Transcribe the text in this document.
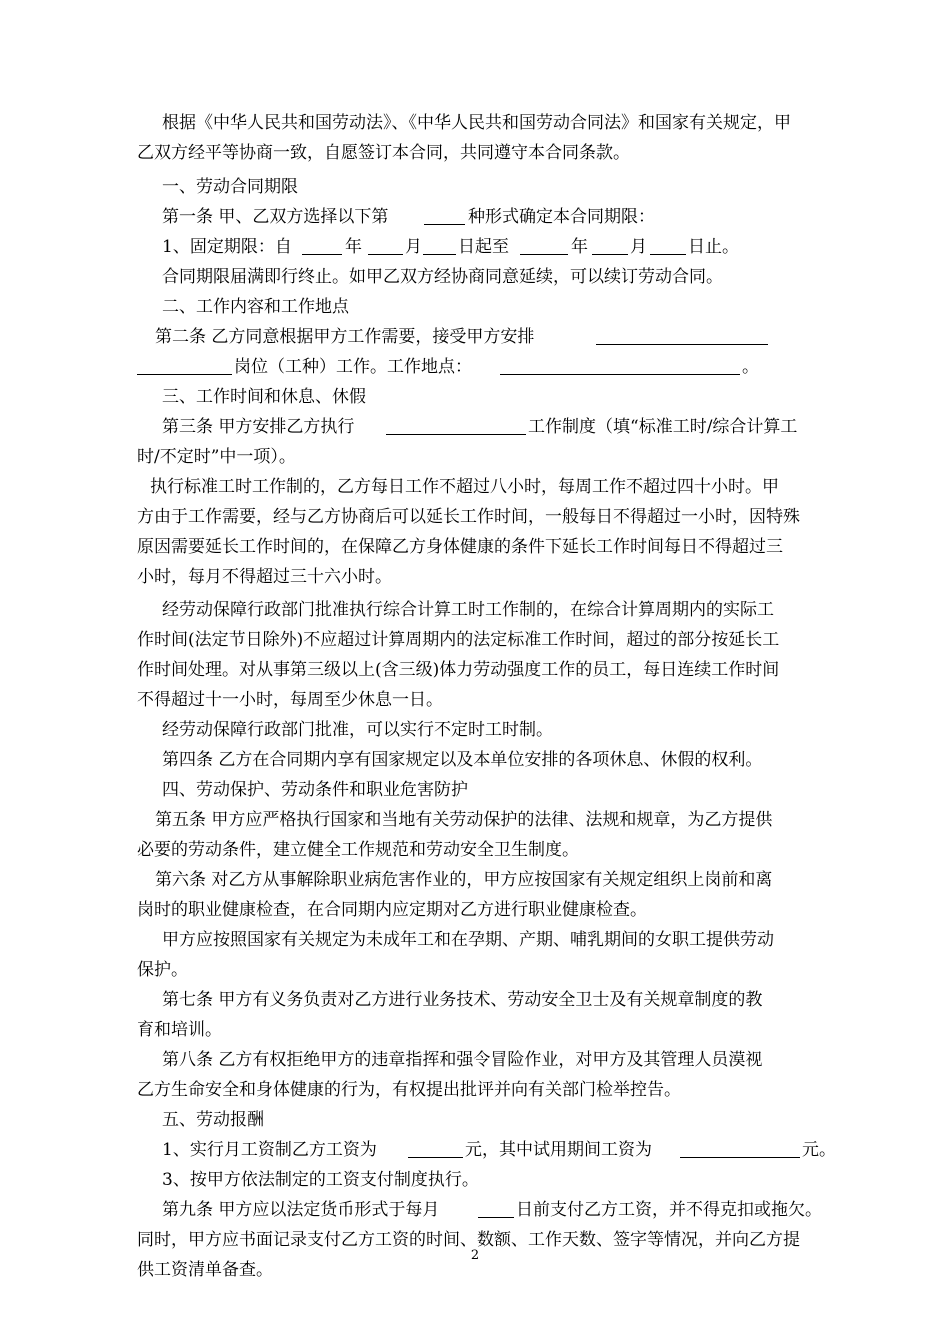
根据《中华人民共和国劳动法》、《中华人民共和国劳动合同法》和国家有关规定，甲
乙双方经平等协商一致，自愿签订本合同，共同遵守本合同条款。
一、劳动合同期限
第一条 甲、乙双方选择以下第	种形式确定本合同期限：
1、固定期限：自	年	月 日起至	年 月 日止。
合同期限届满即行终止。如甲乙双方经协商同意延续，可以续订劳动合同。
二、工作内容和工作地点
第二条 乙方同意根据甲方工作需要，接受甲方安排
岗位（工种）工作。工作地点：	。
三、工作时间和休息、休假
第三条 甲方安排乙方执行	工作制度（填“标准工时/综合计算工
时/不定时”中一项）。
执行标准工时工作制的，乙方每日工作不超过八小时，每周工作不超过四十小时。甲
方由于工作需要，经与乙方协商后可以延长工作时间，一般每日不得超过一小时，因特殊
原因需要延长工作时间的，在保障乙方身体健康的条件下延长工作时间每日不得超过三
小时，每月不得超过三十六小时。
经劳动保障行政部门批准执行综合计算工时工作制的，在综合计算周期内的实际工
作时间(法定节日除外)不应超过计算周期内的法定标准工作时间，超过的部分按延长工
作时间处理。对从事第三级以上(含三级)体力劳动强度工作的员工，每日连续工作时间
不得超过十一小时，每周至少休息一日。
经劳动保障行政部门批准，可以实行不定时工时制。
第四条 乙方在合同期内享有国家规定以及本单位安排的各项休息、休假的权利。
四、劳动保护、劳动条件和职业危害防护
第五条 甲方应严格执行国家和当地有关劳动保护的法律、法规和规章，为乙方提供
必要的劳动条件，建立健全工作规范和劳动安全卫生制度。
第六条 对乙方从事解除职业病危害作业的，甲方应按国家有关规定组织上岗前和离
岗时的职业健康检查，在合同期内应定期对乙方进行职业健康检查。
甲方应按照国家有关规定为未成年工和在孕期、产期、哺乳期间的女职工提供劳动
保护。
第七条 甲方有义务负责对乙方进行业务技术、劳动安全卫士及有关规章制度的教
育和培训。
第八条 乙方有权拒绝甲方的违章指挥和强令冒险作业，对甲方及其管理人员漠视
乙方生命安全和身体健康的行为，有权提出批评并向有关部门检举控告。
五、劳动报酬
1、实行月工资制乙方工资为	元，其中试用期间工资为	元。
3、按甲方依法制定的工资支付制度执行。
第九条 甲方应以法定货币形式于每月	日前支付乙方工资，并不得克扣或拖欠。
同时，甲方应书面记录支付乙方工资的时间、数额、工作天数、签字等情况，并向乙方提
供工资清单备查。
2
